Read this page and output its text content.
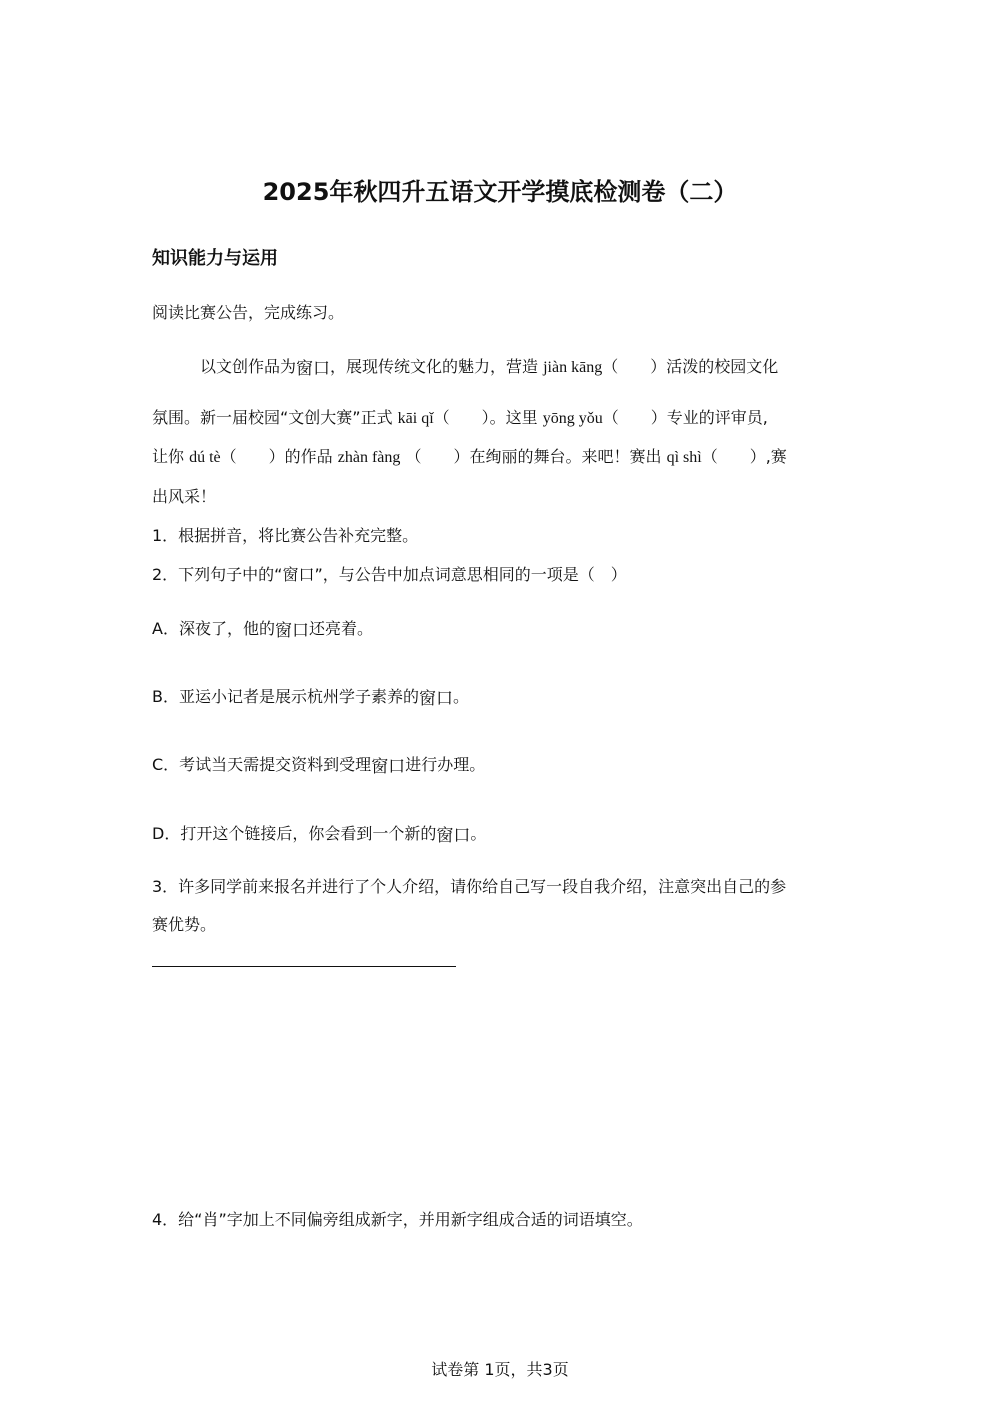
2025年秋四升五语文开学摸底检测卷（二）
知识能力与运用
阅读比赛公告，完成练习。
以文创作品为窗口，展现传统文化的魅力，营造 jiàn kāng（　　）活泼的校园文化
氛围。新一届校园“文创大赛”正式 kāi qǐ（　　）。这里 yōng yǒu（　　）专业的评审员,
让你 dú tè（　　）的作品 zhàn fàng （　　）在绚丽的舞台。来吧！赛出 qì shì（　　）,赛
出风采！
1．根据拼音，将比赛公告补充完整。
2．下列句子中的“窗口”，与公告中加点词意思相同的一项是（　）
A．深夜了，他的窗口还亮着。
B．亚运小记者是展示杭州学子素养的窗口。
C．考试当天需提交资料到受理窗口进行办理。
D．打开这个链接后，你会看到一个新的窗口。
3．许多同学前来报名并进行了个人介绍，请你给自己写一段自我介绍，注意突出自己的参
赛优势。
4．给“肖”字加上不同偏旁组成新字，并用新字组成合适的词语填空。
试卷第 1页，共3页
